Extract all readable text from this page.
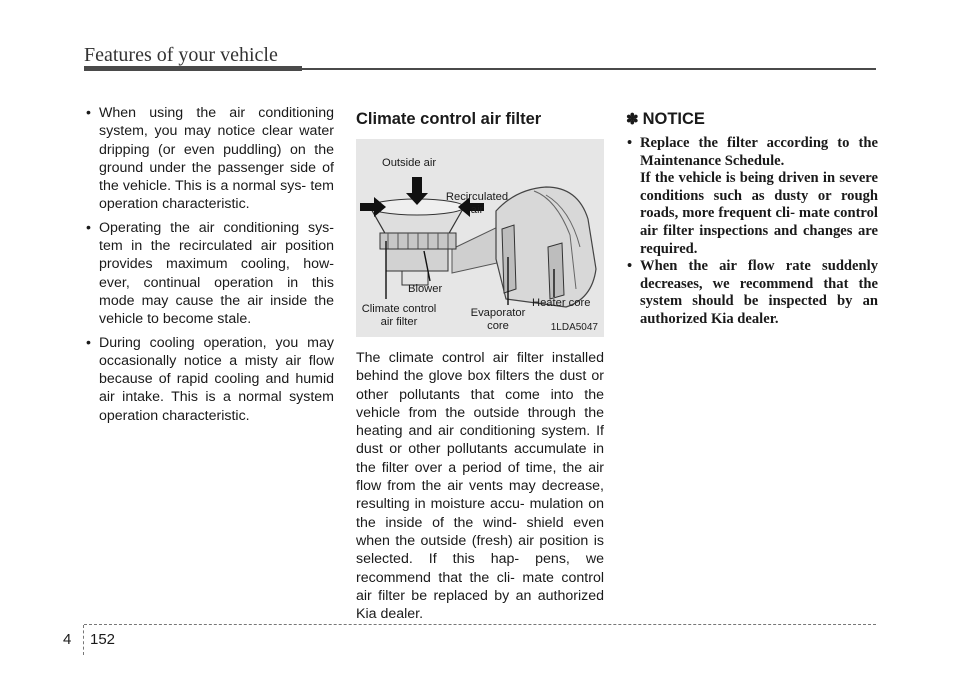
Features of your vehicle
• When using the air conditioning system, you may notice clear water dripping (or even puddling) on the ground under the passenger side of the vehicle. This is a normal sys- tem operation characteristic.
• Operating the air conditioning sys- tem in the recirculated air position provides maximum cooling, how- ever, continual operation in this mode may cause the air inside the vehicle to become stale.
• During cooling operation, you may occasionally notice a misty air flow because of rapid cooling and humid air intake. This is a normal system operation characteristic.
Climate control air filter
Outside air
Recirculated
air
Blower
Climate control
air filter
Evaporator
core
Heater core
1LDA5047
The climate control air filter installed behind the glove box filters the dust or other pollutants that come into the vehicle from the outside through the heating and air conditioning system. If dust or other pollutants accumulate in the filter over a period of time, the air flow from the air vents may decrease, resulting in moisture accu- mulation on the inside of the wind- shield even when the outside (fresh) air position is selected. If this hap- pens, we recommend that the cli- mate control air filter be replaced by an authorized Kia dealer.
✽ NOTICE
• Replace the filter according to the Maintenance Schedule.
If the vehicle is being driven in severe conditions such as dusty or rough roads, more frequent cli- mate control air filter inspections and changes are required.
• When the air flow rate suddenly decreases, we recommend that the system should be inspected by an authorized Kia dealer.
4 152
